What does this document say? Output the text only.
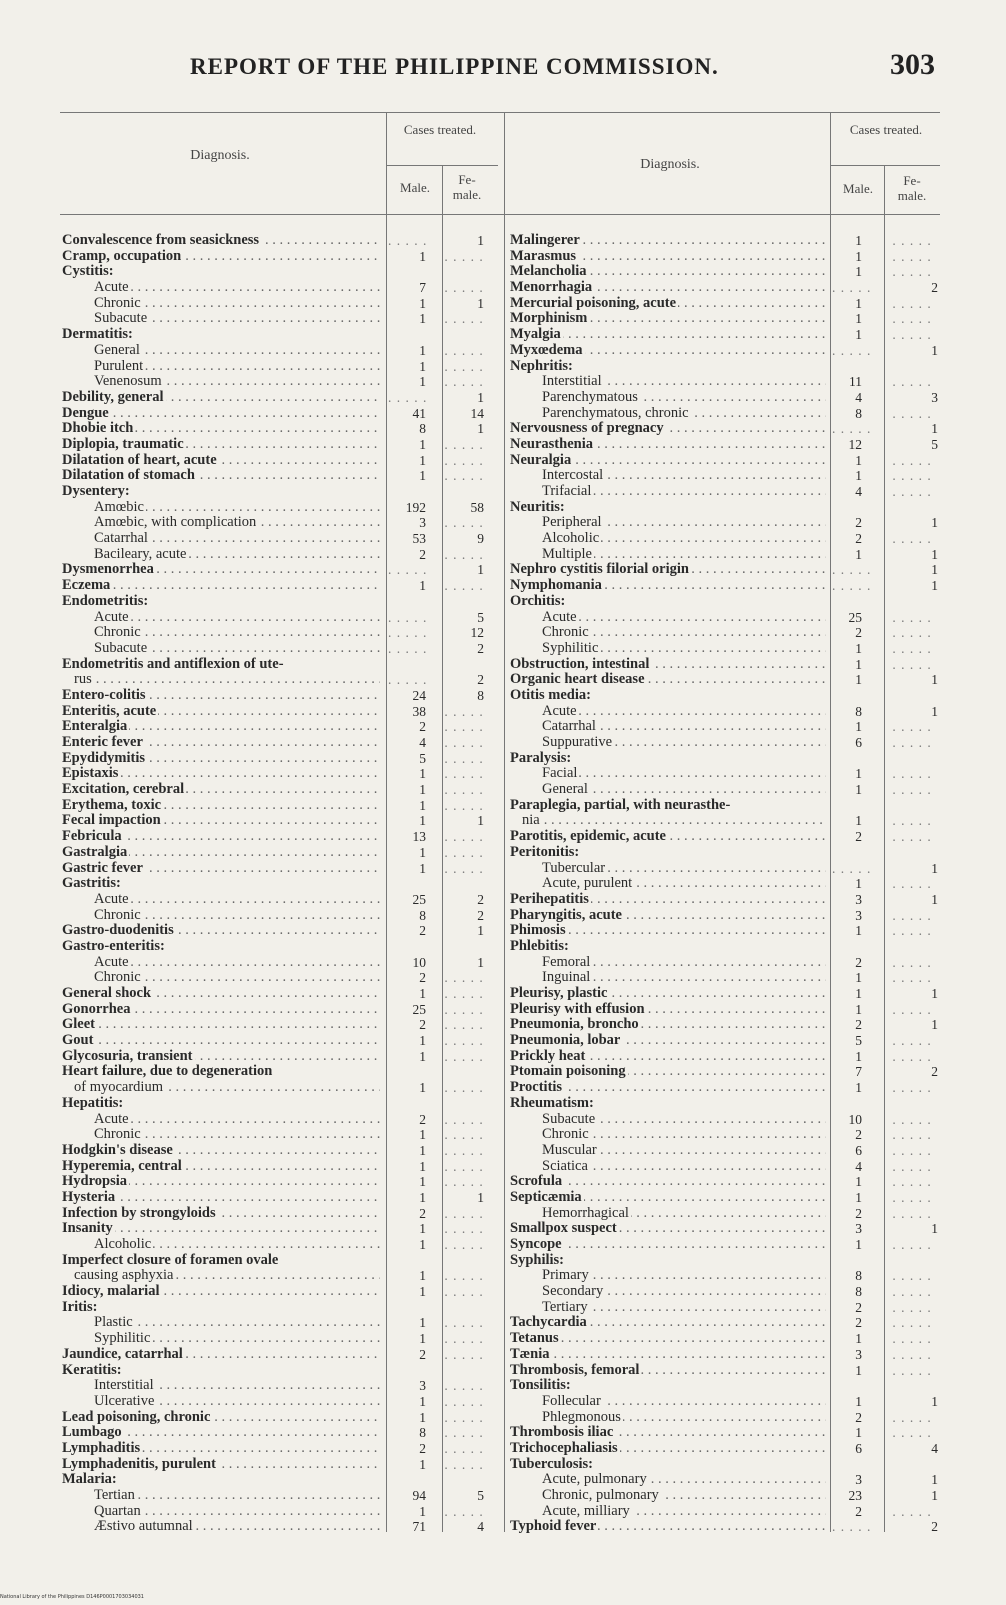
REPORT OF THE PHILIPPINE COMMISSION.	303
Diagnosis.
Cases treated.
Male.
Fe-male.
Diagnosis.
Cases treated.
Male.
Fe-male.
Convalescence from seasickness . . .	. . . . .	1
Cramp, occupation . . .	1 . . . . .
Cystitis:
Acute . . .	7 . . . . .
Chronic . . .	1	1
Subacute . . .	1 . . . . .
Dermatitis:
General . . .	1 . . . . .
Purulent . . .	1 . . . . .
Venenosum . . .	1 . . . . .
Debility, general . . .	. . . . .	1
Dengue . . .	41	14
Dhobie itch . . .	8	1
Diplopia, traumatic . . .	1 . . . . .
Dilatation of heart, acute . . .	1 . . . . .
Dilatation of stomach . . .	1 . . . . .
Dysentery:
Amœbic . . .	192	58
Amœbic, with complication . . .	3 . . . . .
Catarrhal . . .	53	9
Bacileary, acute . . .	2 . . . . .
Dysmenorrhea . . .	. . . . .	1
Eczema . . .	1 . . . . .
Endometritis:
Acute . . .	. . . . .	5
Chronic . . .	. . . . .	12
Subacute . . .	. . . . .	2
Endometritis and antiflexion of ute-
rus . . .	. . . . .	2
Entero-colitis . . .	24	8
Enteritis, acute . . .	38 . . . . .
Enteralgia . . .	2 . . . . .
Enteric fever . . .	4 . . . . .
Epydidymitis . . .	5 . . . . .
Epistaxis . . .	1 . . . . .
Excitation, cerebral . . .	1 . . . . .
Erythema, toxic . . .	1 . . . . .
Fecal impaction . . .	1	1
Febricula . . .	13 . . . . .
Gastralgia . . .	1 . . . . .
Gastric fever . . .	1 . . . . .
Gastritis:
Acute . . .	25	2
Chronic . . .	8	2
Gastro-duodenitis . . .	2	1
Gastro-enteritis:
Acute . . .	10	1
Chronic . . .	2 . . . . .
General shock . . .	1 . . . . .
Gonorrhea . . .	25 . . . . .
Gleet . . .	2 . . . . .
Gout . . .	1 . . . . .
Glycosuria, transient . . .	1 . . . . .
Heart failure, due to degeneration
of myocardium . . .	1 . . . . .
Hepatitis:
Acute . . .	2 . . . . .
Chronic . . .	1 . . . . .
Hodgkin's disease . . .	1 . . . . .
Hyperemia, central . . .	1 . . . . .
Hydropsia . . .	1 . . . . .
Hysteria . . .	1	1
Infection by strongyloids . . .	2 . . . . .
Insanity . . .	1 . . . . .
Alcoholic . . .	1 . . . . .
Imperfect closure of foramen ovale
causing asphyxia . . .	1 . . . . .
Idiocy, malarial . . .	1 . . . . .
Iritis:
Plastic . . .	1 . . . . .
Syphilitic . . .	1 . . . . .
Jaundice, catarrhal . . .	2 . . . . .
Keratitis:
Interstitial . . .	3 . . . . .
Ulcerative . . .	1 . . . . .
Lead poisoning, chronic . . .	1 . . . . .
Lumbago . . .	8 . . . . .
Lymphaditis . . .	2 . . . . .
Lymphadenitis, purulent . . .	1 . . . . .
Malaria:
Tertian . . .	94	5
Quartan . . .	1 . . . . .
Æstivo autumnal . . .	71	4
Malingerer . . .	1	. . . . .
Marasmus . . .	1	. . . . .
Melancholia . . .	1	. . . . .
Menorrhagia . . .	. . . . .	2
Mercurial poisoning, acute . . .	1	. . . . .
Morphinism . . .	1	. . . . .
Myalgia . . .	1	. . . . .
Myxœdema . . .	. . . . .	1
Nephritis:
Interstitial . . .	11	. . . . .
Parenchymatous . . .	4	3
Parenchymatous, chronic . . .	8	. . . . .
Nervousness of pregnacy . . .	. . . . .	1
Neurasthenia . . .	12	5
Neuralgia . . .	1	. . . . .
Intercostal . . .	1	. . . . .
Trifacial . . .	4	. . . . .
Neuritis:
Peripheral . . .	2	1
Alcoholic . . .	2	. . . . .
Multiple . . .	1	1
Nephro cystitis filorial origin . . .	. . . . .	1
Nymphomania . . .	. . . . .	1
Orchitis:
Acute . . .	25	. . . . .
Chronic . . .	2	. . . . .
Syphilitic . . .	1	. . . . .
Obstruction, intestinal . . .	1	. . . . .
Organic heart disease . . .	1	1
Otitis media:
Acute . . .	8	1
Catarrhal . . .	1	. . . . .
Suppurative . . .	6	. . . . .
Paralysis:
Facial . . .	1	. . . . .
General . . .	1	. . . . .
Paraplegia, partial, with neurasthe-
nia . . .	1	. . . . .
Parotitis, epidemic, acute . . .	2	. . . . .
Peritonitis:
Tubercular . . .	. . . . .	1
Acute, purulent . . .	1	. . . . .
Perihepatitis . . .	3	1
Pharyngitis, acute . . .	3	. . . . .
Phimosis . . .	1	. . . . .
Phlebitis:
Femoral . . .	2	. . . . .
Inguinal . . .	1	. . . . .
Pleurisy, plastic . . .	1	1
Pleurisy with effusion . . .	1	. . . . .
Pneumonia, broncho . . .	2	1
Pneumonia, lobar . . .	5	. . . . .
Prickly heat . . .	1	. . . . .
Ptomain poisoning . . .	7	2
Proctitis . . .	1	. . . . .
Rheumatism:
Subacute . . .	10	. . . . .
Chronic . . .	2	. . . . .
Muscular . . .	6	. . . . .
Sciatica . . .	4	. . . . .
Scrofula . . .	1	. . . . .
Septicæmia . . .	1	. . . . .
Hemorrhagical . . .	2	. . . . .
Smallpox suspect . . .	3	1
Syncope . . .	1	. . . . .
Syphilis:
Primary . . .	8	. . . . .
Secondary . . .	8	. . . . .
Tertiary . . .	2	. . . . .
Tachycardia . . .	2	. . . . .
Tetanus . . .	1	. . . . .
Tænia . . .	3	. . . . .
Thrombosis, femoral . . .	1	. . . . .
Tonsilitis:
Follecular . . .	1	1
Phlegmonous . . .	2	. . . . .
Thrombosis iliac . . .	1	. . . . .
Trichocephaliasis . . .	6	4
Tuberculosis:
Acute, pulmonary . . .	3	1
Chronic, pulmonary . . .	23	1
Acute, milliary . . .	2	. . . . .
Typhoid fever . . .	. . . . .	2
National Library of the Philippines D146P0001703034031
